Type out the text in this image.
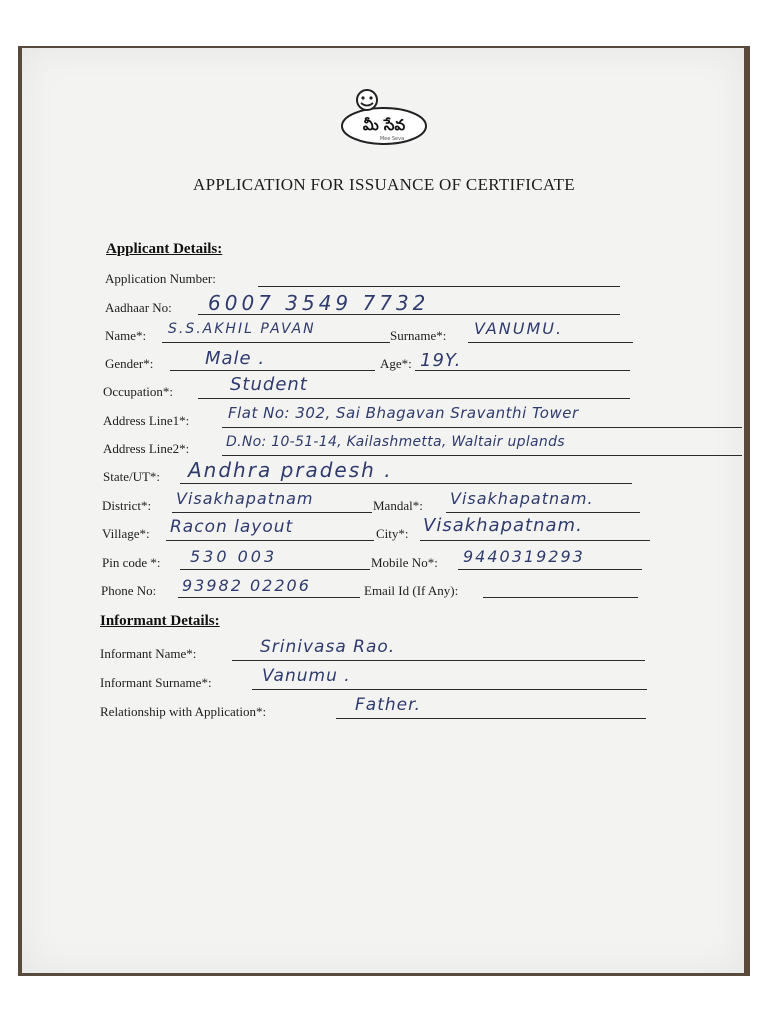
మీ సేవ
Mee Seva
APPLICATION FOR ISSUANCE OF CERTIFICATE
Applicant Details:
Application Number:
Aadhaar No: 6007 3549 7732
Name*: S.S.AKHIL PAVAN	Surname*: VANUMU.
Gender*:	Male .	Age*: 19Y.
Occupation*:	Student
Address Line1*:	Flat No: 302, Sai Bhagavan Sravanthi Tower
Address Line2*:	D.No: 10-51-14, Kailashmetta, Waltair uplands
State/UT*: Andhra pradesh .
District*: Visakhapatnam	Mandal*: Visakhapatnam.
Village*: Racon layout	City*: Visakhapatnam.
Pin code *: 530 003	Mobile No*: 9440319293
Phone No: 93982 02206	Email Id (If Any):
Informant Details:
Informant Name*:	Srinivasa Rao.
Informant Surname*:	Vanumu .
Relationship with Application*:	Father.
